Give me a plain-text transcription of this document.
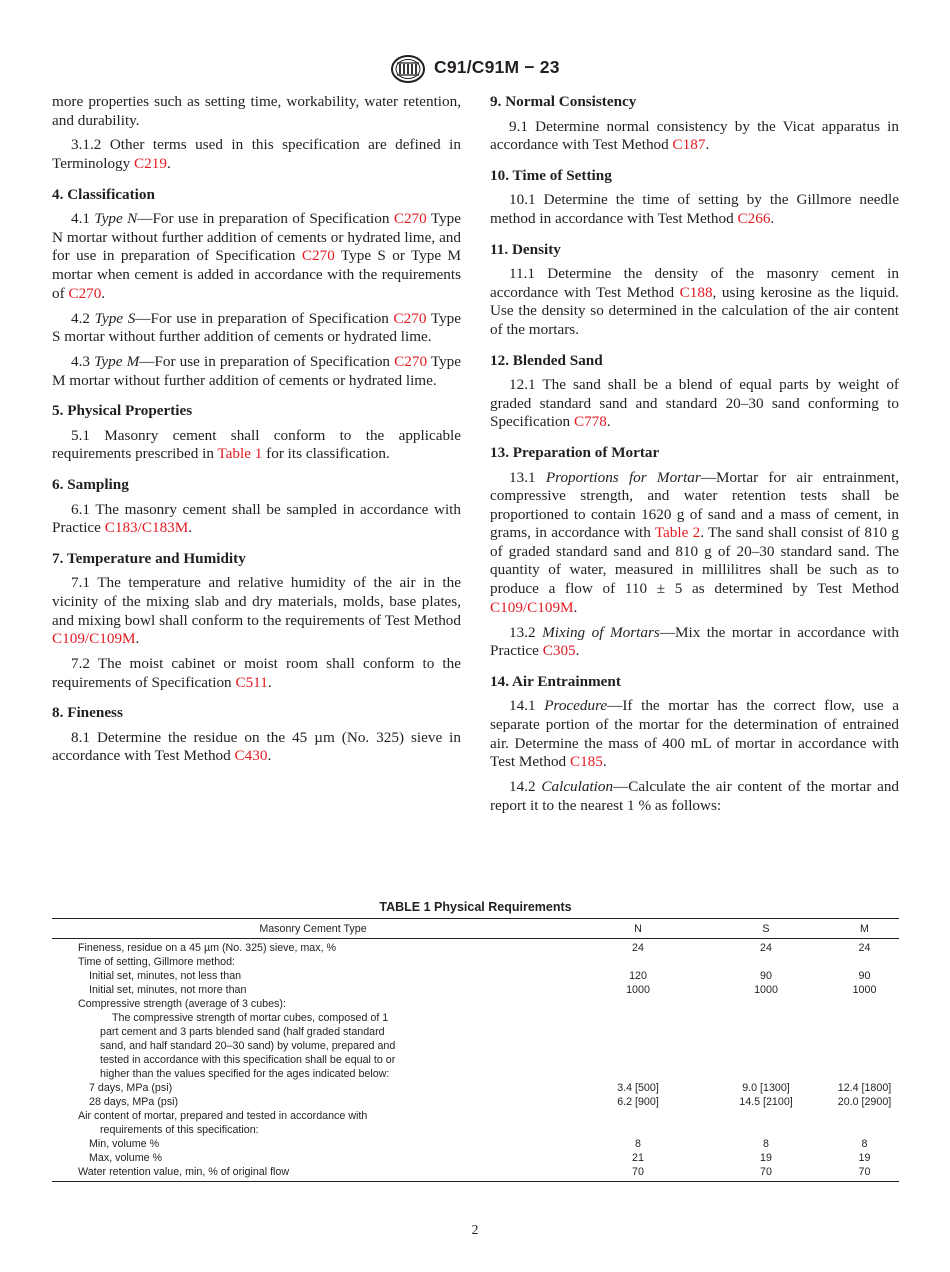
C91/C91M − 23

more properties such as setting time, workability, water retention, and durability.

3.1.2 Other terms used in this specification are defined in Terminology C219.

4. Classification

4.1 Type N—For use in preparation of Specification C270 Type N mortar without further addition of cements or hydrated lime, and for use in preparation of Specification C270 Type S or Type M mortar when cement is added in accordance with the requirements of C270.

4.2 Type S—For use in preparation of Specification C270 Type S mortar without further addition of cements or hydrated lime.

4.3 Type M—For use in preparation of Specification C270 Type M mortar without further addition of cements or hydrated lime.

5. Physical Properties

5.1 Masonry cement shall conform to the applicable requirements prescribed in Table 1 for its classification.

6. Sampling

6.1 The masonry cement shall be sampled in accordance with Practice C183/C183M.

7. Temperature and Humidity

7.1 The temperature and relative humidity of the air in the vicinity of the mixing slab and dry materials, molds, base plates, and mixing bowl shall conform to the requirements of Test Method C109/C109M.

7.2 The moist cabinet or moist room shall conform to the requirements of Specification C511.

8. Fineness

8.1 Determine the residue on the 45 µm (No. 325) sieve in accordance with Test Method C430.

9. Normal Consistency

9.1 Determine normal consistency by the Vicat apparatus in accordance with Test Method C187.

10. Time of Setting

10.1 Determine the time of setting by the Gillmore needle method in accordance with Test Method C266.

11. Density

11.1 Determine the density of the masonry cement in accordance with Test Method C188, using kerosine as the liquid. Use the density so determined in the calculation of the air content of the mortars.

12. Blended Sand

12.1 The sand shall be a blend of equal parts by weight of graded standard sand and standard 20–30 sand conforming to Specification C778.

13. Preparation of Mortar

13.1 Proportions for Mortar—Mortar for air entrainment, compressive strength, and water retention tests shall be proportioned to contain 1620 g of sand and a mass of cement, in grams, in accordance with Table 2. The sand shall consist of 810 g of graded standard sand and 810 g of 20–30 standard sand. The quantity of water, measured in millilitres shall be such as to produce a flow of 110 ± 5 as determined by Test Method C109/C109M.

13.2 Mixing of Mortars—Mix the mortar in accordance with Practice C305.

14. Air Entrainment

14.1 Procedure—If the mortar has the correct flow, use a separate portion of the mortar for the determination of entrained air. Determine the mass of 400 mL of mortar in accordance with Test Method C185.

14.2 Calculation—Calculate the air content of the mortar and report it to the nearest 1 % as follows:

TABLE 1 Physical Requirements
Masonry Cement Type	N	S	M
Fineness, residue on a 45 µm (No. 325) sieve, max, %	24	24	24
Time of setting, Gillmore method:			
Initial set, minutes, not less than	120	90	90
Initial set, minutes, not more than	1000	1000	1000
Compressive strength (average of 3 cubes):			
The compressive strength of mortar cubes, composed of 1			
part cement and 3 parts blended sand (half graded standard			
sand, and half standard 20–30 sand) by volume, prepared and			
tested in accordance with this specification shall be equal to or			
higher than the values specified for the ages indicated below:			
7 days, MPa (psi)	3.4 [500]	9.0 [1300]	12.4 [1800]
28 days, MPa (psi)	6.2 [900]	14.5 [2100]	20.0 [2900]
Air content of mortar, prepared and tested in accordance with			
requirements of this specification:			
Min, volume %	8	8	8
Max, volume %	21	19	19
Water retention value, min, % of original flow	70	70	70
2
